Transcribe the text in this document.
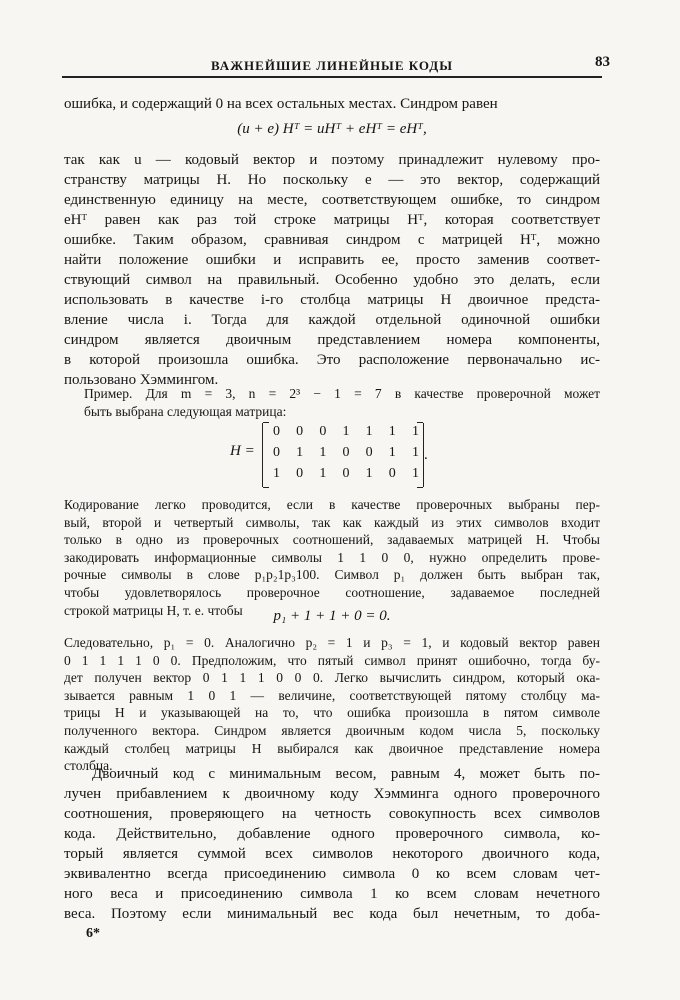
ВАЖНЕЙШИЕ ЛИНЕЙНЫЕ КОДЫ	83

ошибка, и содержащий 0 на всех остальных местах. Синдром равен

(u + e) Hᵀ = uHᵀ + eHᵀ = eHᵀ,

так как u — кодовый вектор и поэтому принадлежит нулевому про-
странству матрицы H. Но поскольку e — это вектор, содержащий
единственную единицу на месте, соответствующем ошибке, то синдром
eHᵀ равен как раз той строке матрицы Hᵀ, которая соответствует
ошибке. Таким образом, сравнивая синдром с матрицей Hᵀ, можно
найти положение ошибки и исправить ее, просто заменив соответ-
ствующий символ на правильный. Особенно удобно это делать, если
использовать в качестве i-го столбца матрицы H двоичное предста-
вление числа i. Тогда для каждой отдельной одиночной ошибки
синдром является двоичным представлением номера компоненты,
в которой произошла ошибка. Это расположение первоначально ис-
пользовано Хэммингом.

Пример. Для m = 3, n = 2³ − 1 = 7 в качестве проверочной может
быть выбрана следующая матрица:

H =
0 0 0 1 1 1 1
0 1 1 0 0 1 1
1 0 1 0 1 0 1
.

Кодирование легко проводится, если в качестве проверочных выбраны пер-
вый, второй и четвертый символы, так как каждый из этих символов входит
только в одно из проверочных соотношений, задаваемых матрицей H. Чтобы
закодировать информационные символы 1 1 0 0, нужно определить прове-
рочные символы в слове p₁p₂1p₃100. Символ p₁ должен быть выбран так,
чтобы удовлетворялось проверочное соотношение, задаваемое последней
строкой матрицы H, т. е. чтобы	p₁ + 1 + 1 + 0 = 0.

Следовательно, p₁ = 0. Аналогично p₂ = 1 и p₃ = 1, и кодовый вектор равен
0 1 1 1 1 0 0. Предположим, что пятый символ принят ошибочно, тогда бу-
дет получен вектор 0 1 1 1 0 0 0. Легко вычислить синдром, который ока-
зывается равным 1 0 1 — величине, соответствующей пятому столбцу ма-
трицы H и указывающей на то, что ошибка произошла в пятом символе
полученного вектора. Синдром является двоичным кодом числа 5, поскольку
каждый столбец матрицы H выбирался как двоичное представление номера
столбца.

Двоичный код с минимальным весом, равным 4, может быть по-
лучен прибавлением к двоичному коду Хэмминга одного проверочного
соотношения, проверяющего на четность совокупность всех символов
кода. Действительно, добавление одного проверочного символа, ко-
торый является суммой всех символов некоторого двоичного кода,
эквивалентно всегда присоединению символа 0 ко всем словам чет-
ного веса и присоединению символа 1 ко всем словам нечетного
веса. Поэтому если минимальный вес кода был нечетным, то доба-

6*
